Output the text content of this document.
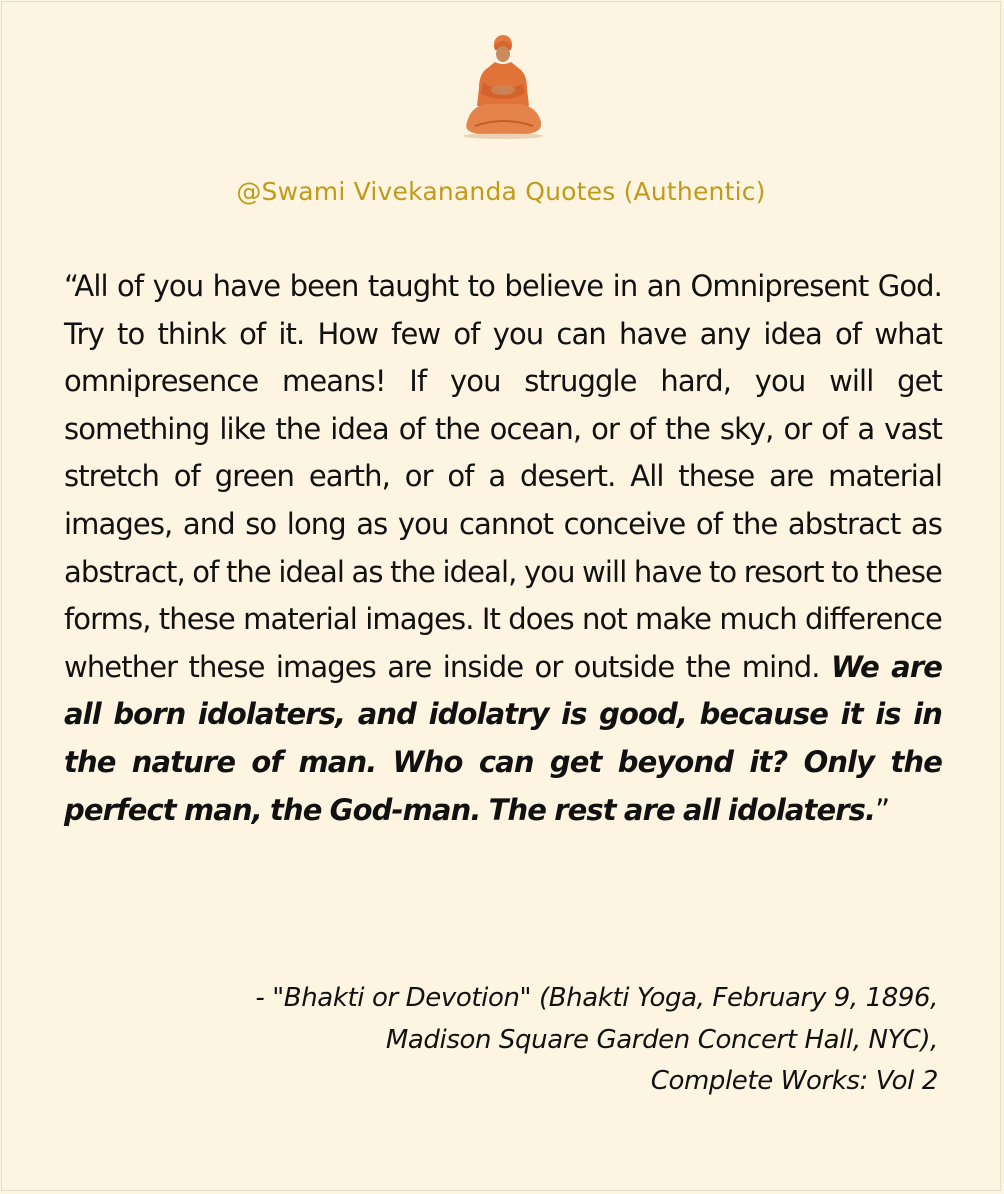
@Swami Vivekananda Quotes (Authentic)
“All of you have been taught to believe in an Omnipresent God. Try to think of it. How few of you can have any idea of what omnipresence means! If you struggle hard, you will get something like the idea of the ocean, or of the sky, or of a vast stretch of green earth, or of a desert. All these are material images, and so long as you cannot conceive of the abstract as abstract, of the ideal as the ideal, you will have to resort to these forms, these material images. It does not make much difference whether these images are inside or outside the mind. We are all born idolaters, and idolatry is good, because it is in the nature of man. Who can get beyond it? Only the perfect man, the God-man. The rest are all idolaters.”
- "Bhakti or Devotion" (Bhakti Yoga, February 9, 1896,
Madison Square Garden Concert Hall, NYC),
Complete Works: Vol 2
